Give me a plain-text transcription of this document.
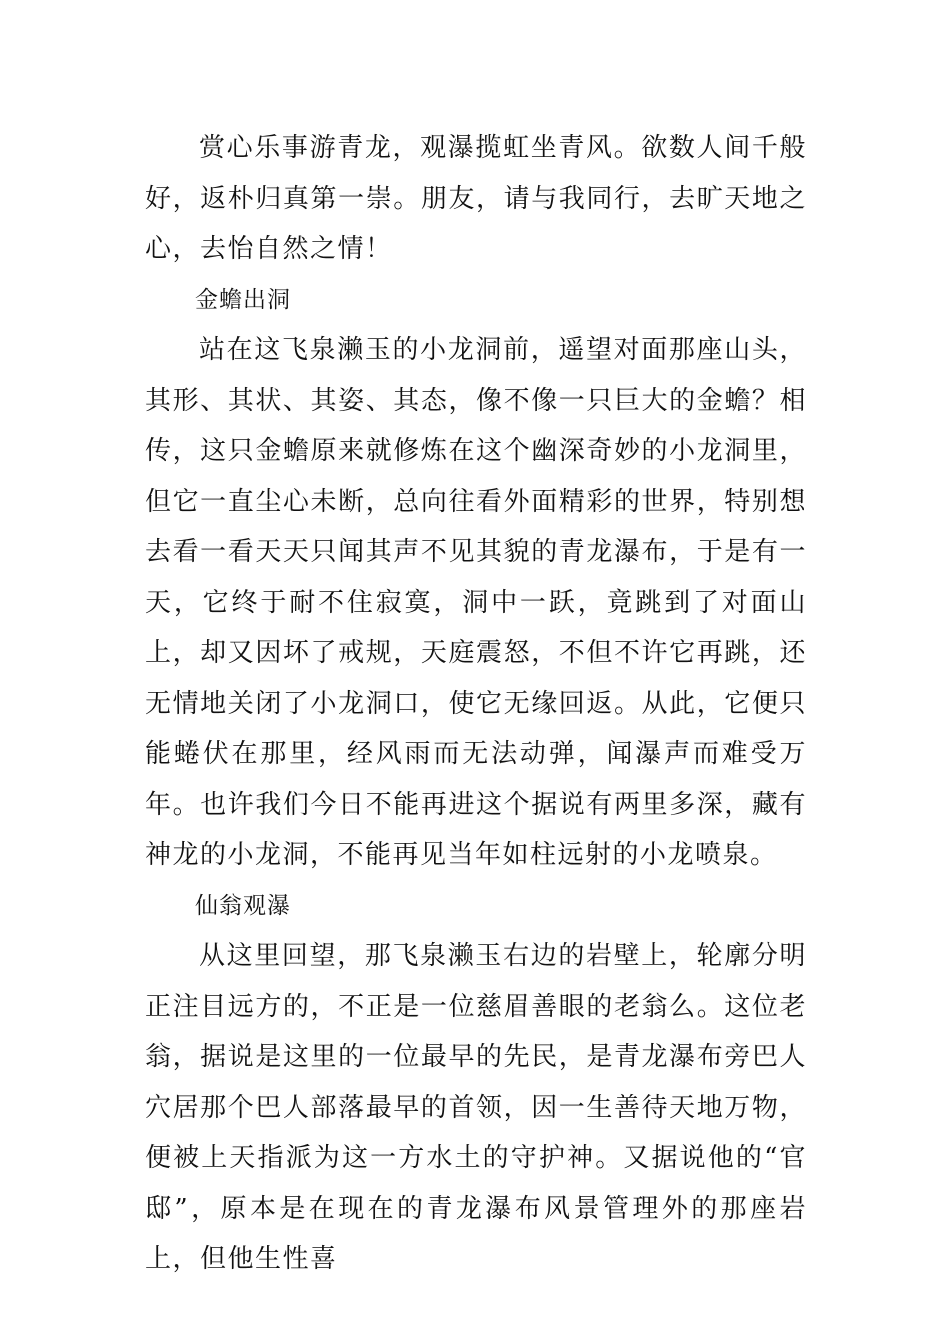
赏心乐事游青龙，观瀑揽虹坐青风。欲数人间千般好，返朴归真第一崇。朋友，请与我同行，去旷天地之心，去怡自然之情！

金蟾出洞

站在这飞泉濑玉的小龙洞前，遥望对面那座山头，其形、其状、其姿、其态，像不像一只巨大的金蟾？相传，这只金蟾原来就修炼在这个幽深奇妙的小龙洞里，但它一直尘心未断，总向往看外面精彩的世界，特别想去看一看天天只闻其声不见其貌的青龙瀑布，于是有一天，它终于耐不住寂寞，洞中一跃，竟跳到了对面山上，却又因坏了戒规，天庭震怒，不但不许它再跳，还无情地关闭了小龙洞口，使它无缘回返。从此，它便只能蜷伏在那里，经风雨而无法动弹，闻瀑声而难受万年。也许我们今日不能再进这个据说有两里多深，藏有神龙的小龙洞，不能再见当年如柱远射的小龙喷泉。

仙翁观瀑

从这里回望，那飞泉濑玉右边的岩壁上，轮廓分明正注目远方的，不正是一位慈眉善眼的老翁么。这位老翁，据说是这里的一位最早的先民，是青龙瀑布旁巴人穴居那个巴人部落最早的首领，因一生善待天地万物，便被上天指派为这一方水土的守护神。又据说他的“官邸”，原本是在现在的青龙瀑布风景管理外的那座岩上，但他生性喜
